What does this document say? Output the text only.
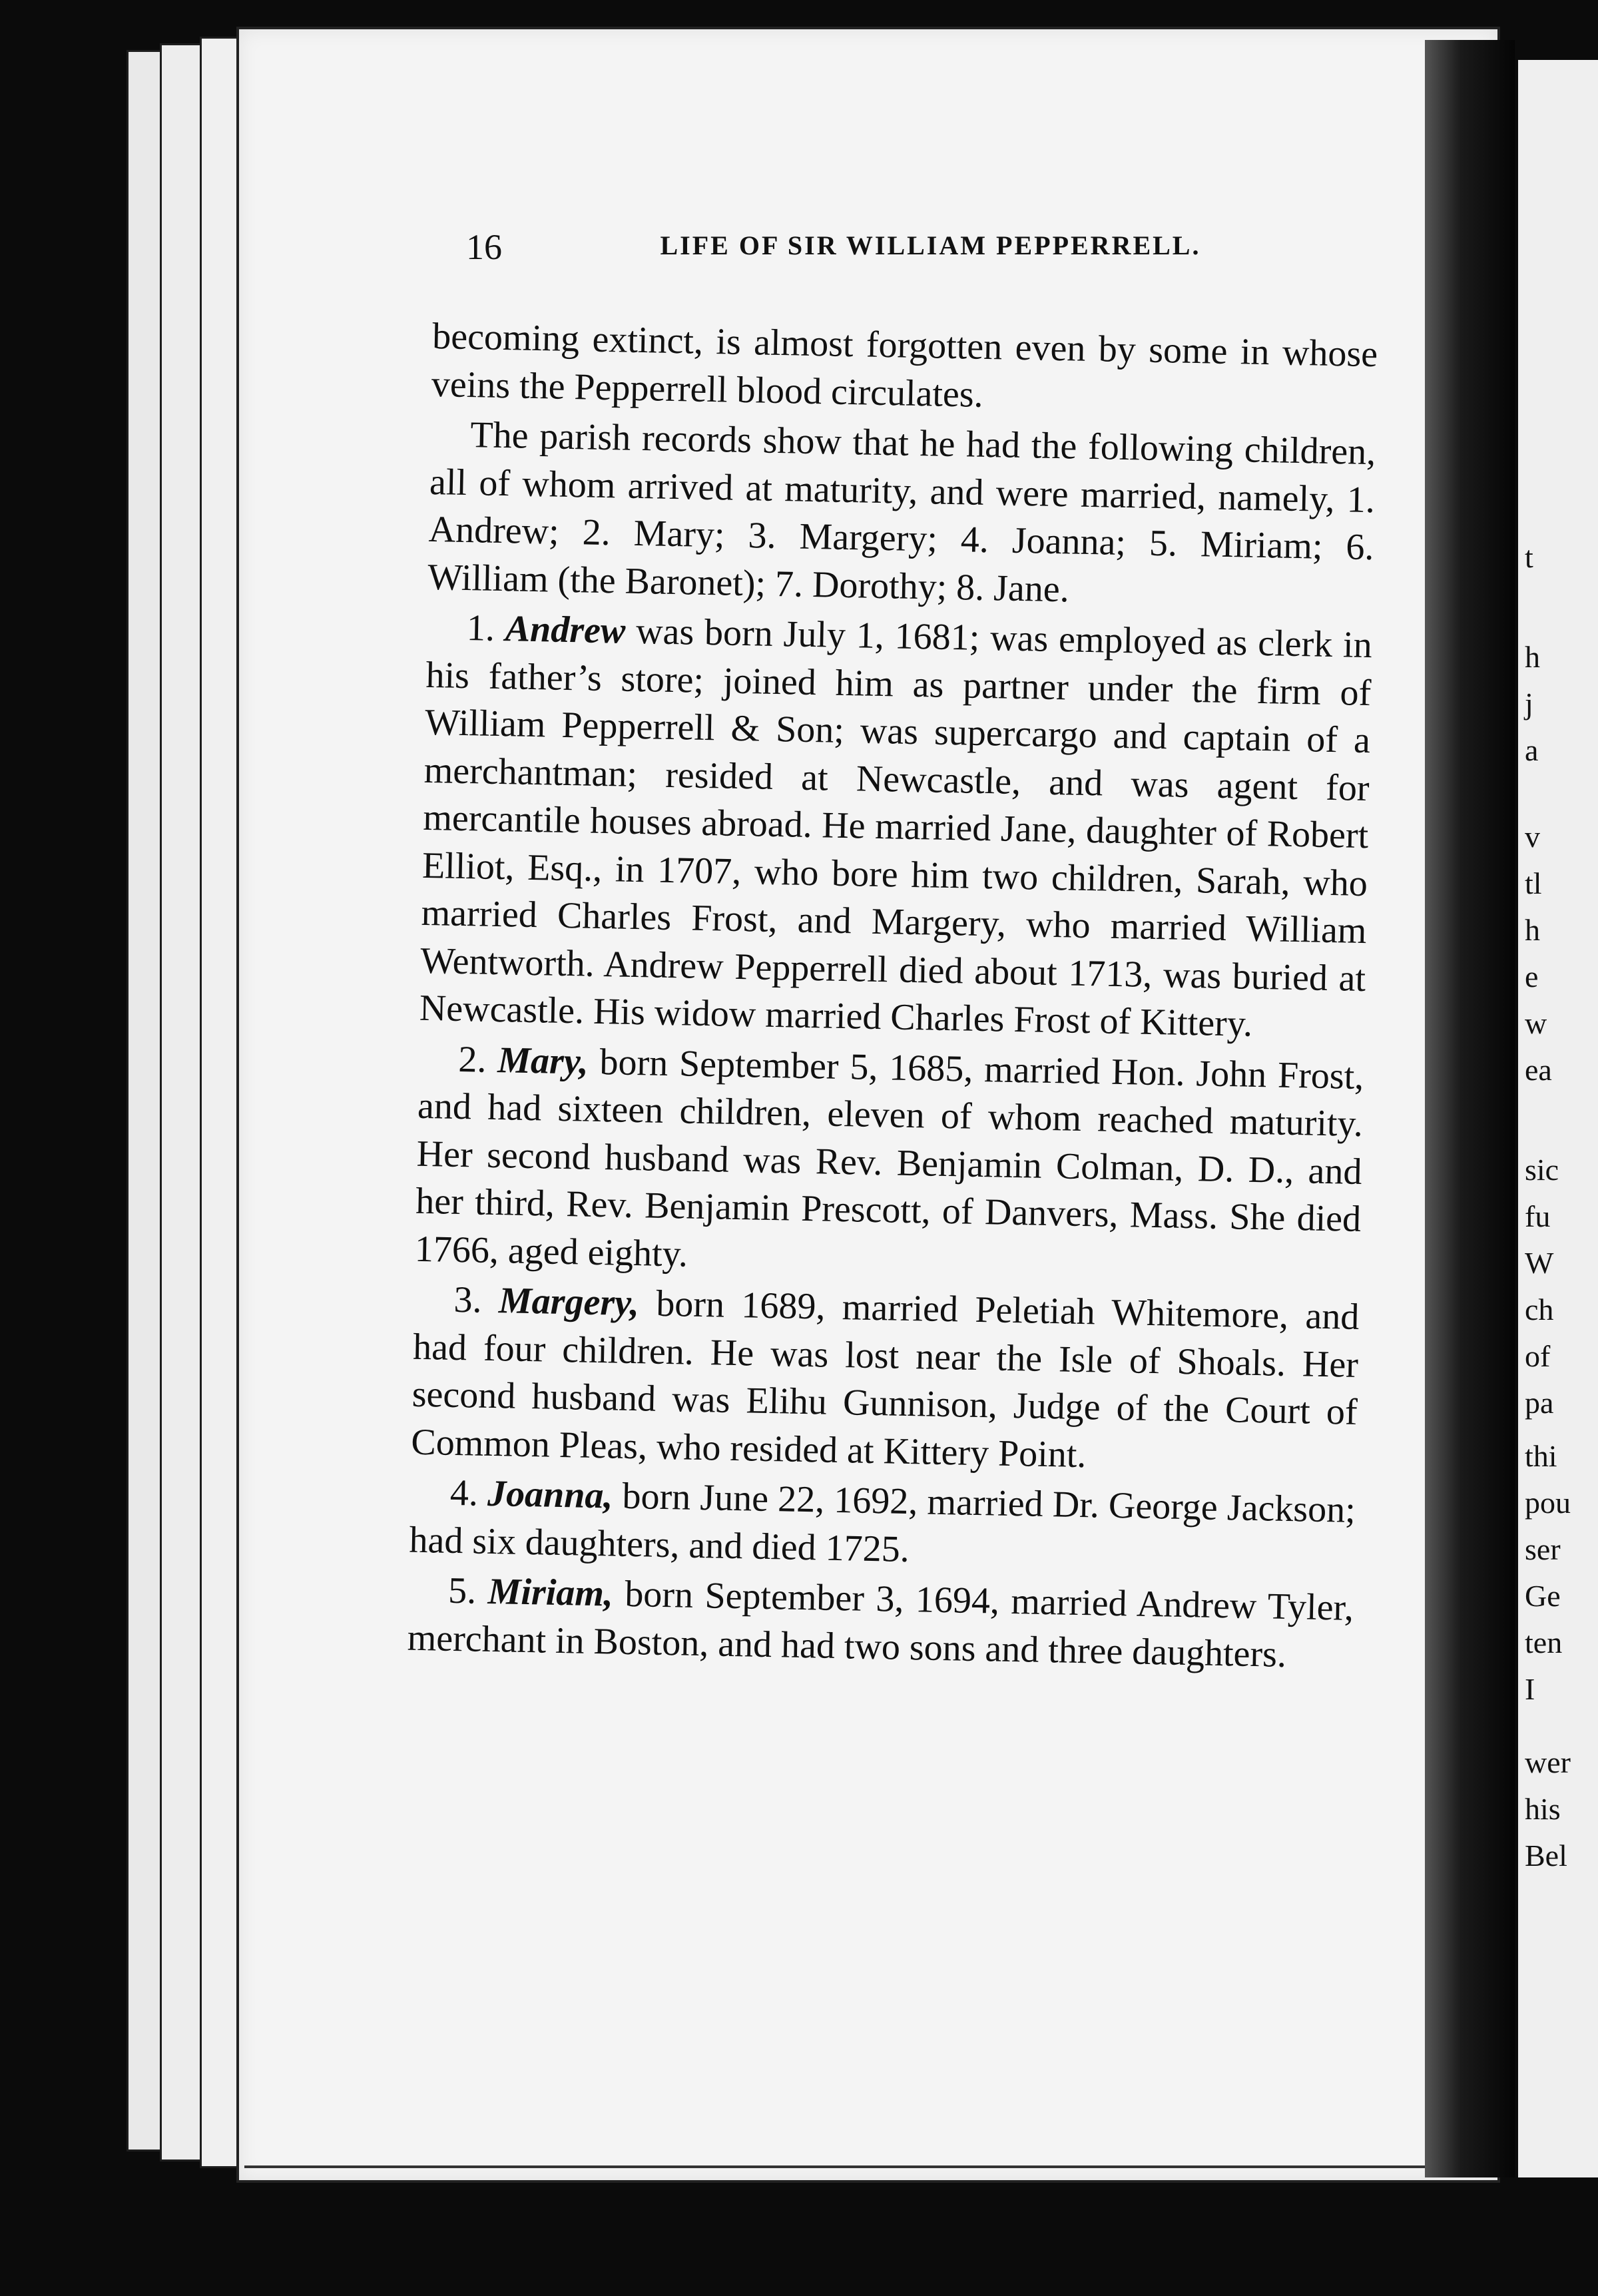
t
h
j
a
v
tl
h
e
w
ea
sic
fu
W
ch
of
pa
thi
pou
ser
Ge
ten
I
wer
his
Bel
16	LIFE OF SIR WILLIAM PEPPERRELL.

becoming extinct, is almost forgotten even by some in whose veins the Pepperrell blood circulates.

The parish records show that he had the following children, all of whom arrived at maturity, and were married, namely, 1. Andrew; 2. Mary; 3. Margery; 4. Joanna; 5. Miriam; 6. William (the Baronet); 7. Dorothy; 8. Jane.

1. Andrew was born July 1, 1681; was employed as clerk in his father’s store; joined him as partner under the firm of William Pepperrell & Son; was supercargo and captain of a merchantman; resided at Newcastle, and was agent for mercantile houses abroad. He married Jane, daughter of Robert Elliot, Esq., in 1707, who bore him two children, Sarah, who married Charles Frost, and Margery, who married William Wentworth. Andrew Pepperrell died about 1713, was buried at Newcastle. His widow married Charles Frost of Kittery.

2. Mary, born September 5, 1685, married Hon. John Frost, and had sixteen children, eleven of whom reached maturity. Her second husband was Rev. Benjamin Colman, D. D., and her third, Rev. Benjamin Prescott, of Danvers, Mass. She died 1766, aged eighty.

3. Margery, born 1689, married Peletiah Whitemore, and had four children. He was lost near the Isle of Shoals. Her second husband was Elihu Gunnison, Judge of the Court of Common Pleas, who resided at Kittery Point.

4. Joanna, born June 22, 1692, married Dr. George Jackson; had six daughters, and died 1725.

5. Miriam, born September 3, 1694, married Andrew Tyler, merchant in Boston, and had two sons and three daughters.
